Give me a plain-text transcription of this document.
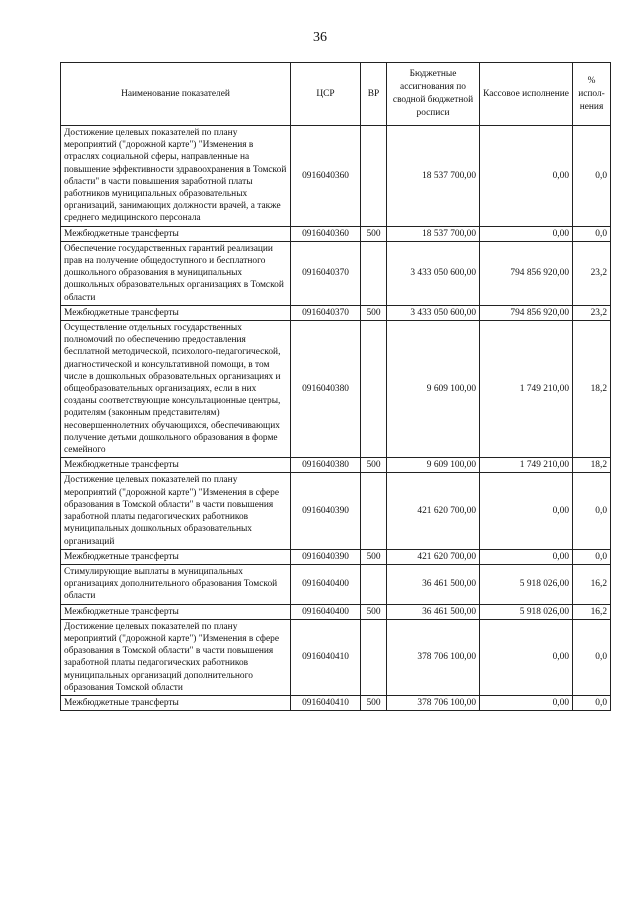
36
Наименование показателей	ЦСР	ВР	Бюджетные ассигнования по сводной бюджетной росписи	Кассовое исполнение	% испол-нения
Достижение целевых показателей по плану мероприятий ("дорожной карте") "Изменения в отраслях социальной сферы, направленные на повышение эффективности здравоохранения в Томской области" в части повышения заработной платы работников муниципальных образовательных организаций, занимающих должности врачей, а также среднего медицинского персонала	0916040360		18 537 700,00	0,00	0,0
Межбюджетные трансферты	0916040360	500	18 537 700,00	0,00	0,0
Обеспечение государственных гарантий реализации прав на получение общедоступного и бесплатного дошкольного образования в муниципальных дошкольных образовательных организациях в Томской области	0916040370		3 433 050 600,00	794 856 920,00	23,2
Межбюджетные трансферты	0916040370	500	3 433 050 600,00	794 856 920,00	23,2
Осуществление отдельных государственных полномочий по обеспечению предоставления бесплатной методической, психолого-педагогической, диагностической и консультативной помощи, в том числе в дошкольных образовательных организациях и общеобразовательных организациях, если в них созданы соответствующие консультационные центры, родителям (законным представителям) несовершеннолетних обучающихся, обеспечивающих получение детьми дошкольного образования в форме семейного	0916040380		9 609 100,00	1 749 210,00	18,2
Межбюджетные трансферты	0916040380	500	9 609 100,00	1 749 210,00	18,2
Достижение целевых показателей по плану мероприятий ("дорожной карте") "Изменения в сфере образования в Томской области" в части повышения заработной платы педагогических работников муниципальных дошкольных образовательных организаций	0916040390		421 620 700,00	0,00	0,0
Межбюджетные трансферты	0916040390	500	421 620 700,00	0,00	0,0
Стимулирующие выплаты в муниципальных организациях дополнительного образования Томской области	0916040400		36 461 500,00	5 918 026,00	16,2
Межбюджетные трансферты	0916040400	500	36 461 500,00	5 918 026,00	16,2
Достижение целевых показателей по плану мероприятий ("дорожной карте") "Изменения в сфере образования в Томской области" в части повышения заработной платы педагогических работников муниципальных организаций дополнительного образования Томской области	0916040410		378 706 100,00	0,00	0,0
Межбюджетные трансферты	0916040410	500	378 706 100,00	0,00	0,0
